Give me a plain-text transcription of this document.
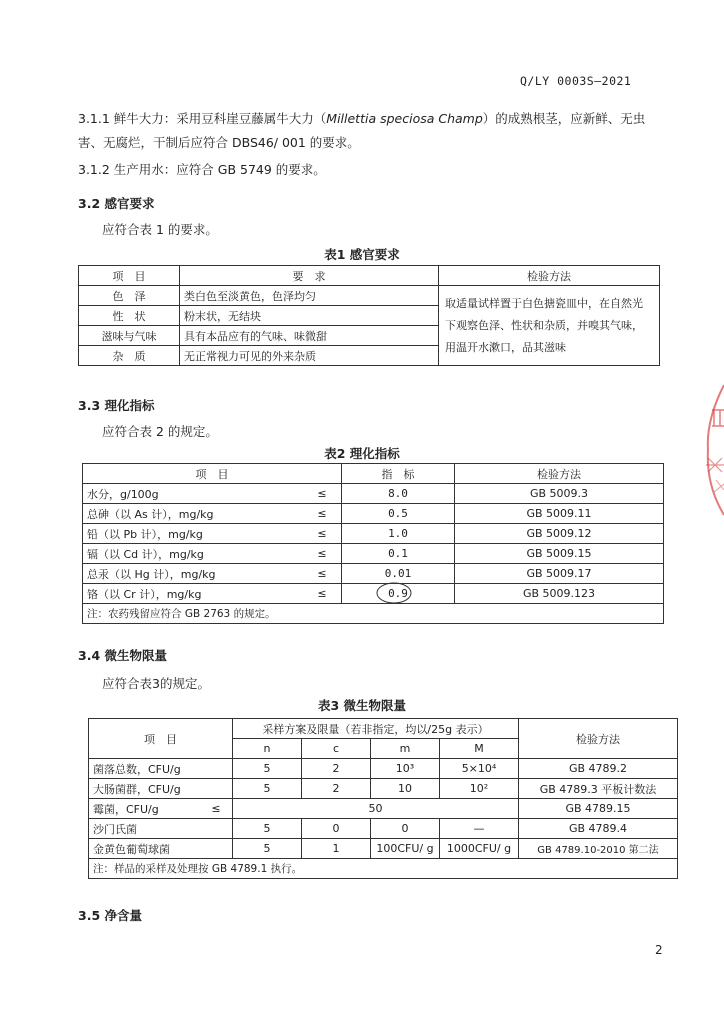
Q/LY 0003S—2021
3.1.1 鲜牛大力：采用豆科崖豆藤属牛大力（Millettia speciosa Champ）的成熟根茎，应新鲜、无虫
害、无腐烂，干制后应符合 DBS46/ 001 的要求。
3.1.2 生产用水：应符合 GB 5749 的要求。
3.2 感官要求
应符合表 1 的要求。
表1 感官要求
项　目	要　求	检验方法
色　泽	类白色至淡黄色，色泽均匀	取适量试样置于白色搪瓷皿中，在自然光下观察色泽、性状和杂质，并嗅其气味，用温开水漱口，品其滋味
性　状	粉末状，无结块	
滋味与气味	具有本品应有的气味、味微甜	
杂　质	无正常视力可见的外来杂质	
3.3 理化指标
应符合表 2 的规定。
表2 理化指标
项　目		指　标	检验方法
水分，g/100g	≤	8.0	GB 5009.3
总砷（以 As 计），mg/kg	≤	0.5	GB 5009.11
铅（以 Pb 计），mg/kg	≤	1.0	GB 5009.12
镉（以 Cd 计），mg/kg	≤	0.1	GB 5009.15
总汞（以 Hg 计），mg/kg	≤	0.01	GB 5009.17
铬（以 Cr 计），mg/kg	≤	0.9	GB 5009.123
注：农药残留应符合 GB 2763 的规定。			
3.4 微生物限量
应符合表3的规定。
表3 微生物限量
项　目		采样方案及限量（若非指定，均以/25g 表示）				检验方法
		n	c	m	M	
菌落总数，CFU/g		5	2	10³	5×10⁴	GB 4789.2
大肠菌群，CFU/g		5	2	10	10²	GB 4789.3 平板计数法
霉菌，CFU/g	≤	50				GB 4789.15
沙门氏菌		5	0	0	—	GB 4789.4
金黄色葡萄球菌		5	1	100CFU/ g	1000CFU/ g	GB 4789.10-2010 第二法
注：样品的采样及处理按 GB 4789.1 执行。						
3.5 净含量
2
